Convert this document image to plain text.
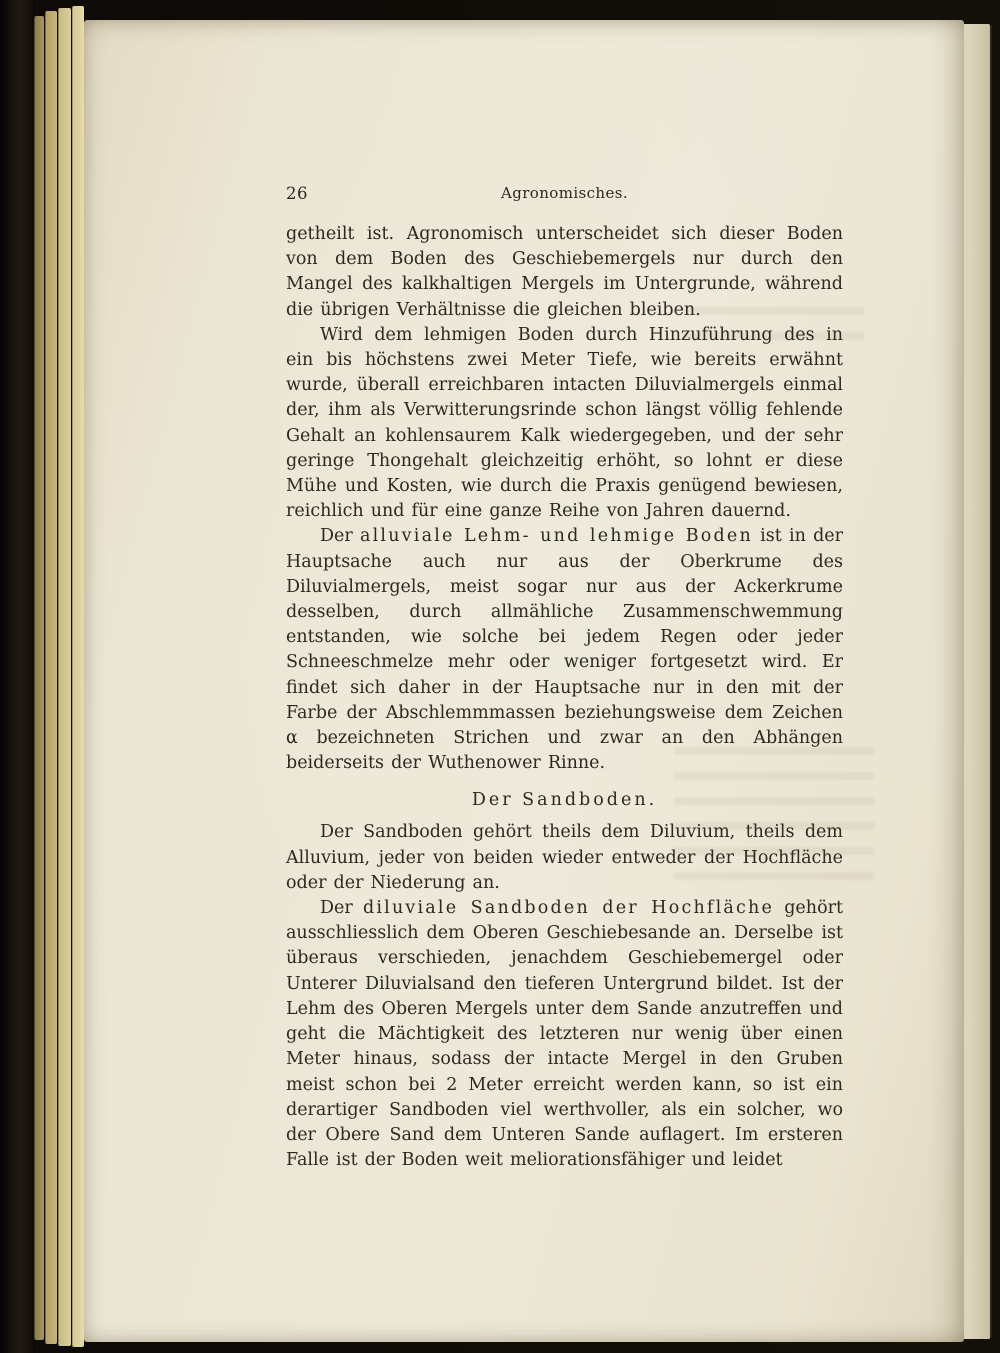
26	Agronomisches.

getheilt ist. Agronomisch unterscheidet sich dieser Boden von dem Boden des Geschiebemergels nur durch den Mangel des kalkhaltigen Mergels im Untergrunde, während die übrigen Verhältnisse die gleichen bleiben.

Wird dem lehmigen Boden durch Hinzuführung des in ein bis höchstens zwei Meter Tiefe, wie bereits erwähnt wurde, überall erreichbaren intacten Diluvialmergels einmal der, ihm als Verwitterungsrinde schon längst völlig fehlende Gehalt an kohlensaurem Kalk wiedergegeben, und der sehr geringe Thongehalt gleichzeitig erhöht, so lohnt er diese Mühe und Kosten, wie durch die Praxis genügend bewiesen, reichlich und für eine ganze Reihe von Jahren dauernd.

Der alluviale Lehm- und lehmige Boden ist in der Hauptsache auch nur aus der Oberkrume des Diluvialmergels, meist sogar nur aus der Ackerkrume desselben, durch allmähliche Zusammenschwemmung entstanden, wie solche bei jedem Regen oder jeder Schneeschmelze mehr oder weniger fortgesetzt wird. Er findet sich daher in der Hauptsache nur in den mit der Farbe der Abschlemmmassen beziehungsweise dem Zeichen α bezeichneten Strichen und zwar an den Abhängen beiderseits der Wuthenower Rinne.

Der Sandboden.

Der Sandboden gehört theils dem Diluvium, theils dem Alluvium, jeder von beiden wieder entweder der Hochfläche oder der Niederung an.

Der diluviale Sandboden der Hochfläche gehört ausschliesslich dem Oberen Geschiebesande an. Derselbe ist überaus verschieden, jenachdem Geschiebemergel oder Unterer Diluvialsand den tieferen Untergrund bildet. Ist der Lehm des Oberen Mergels unter dem Sande anzutreffen und geht die Mächtigkeit des letzteren nur wenig über einen Meter hinaus, sodass der intacte Mergel in den Gruben meist schon bei 2 Meter erreicht werden kann, so ist ein derartiger Sandboden viel werthvoller, als ein solcher, wo der Obere Sand dem Unteren Sande auflagert. Im ersteren Falle ist der Boden weit meliorationsfähiger und leidet
